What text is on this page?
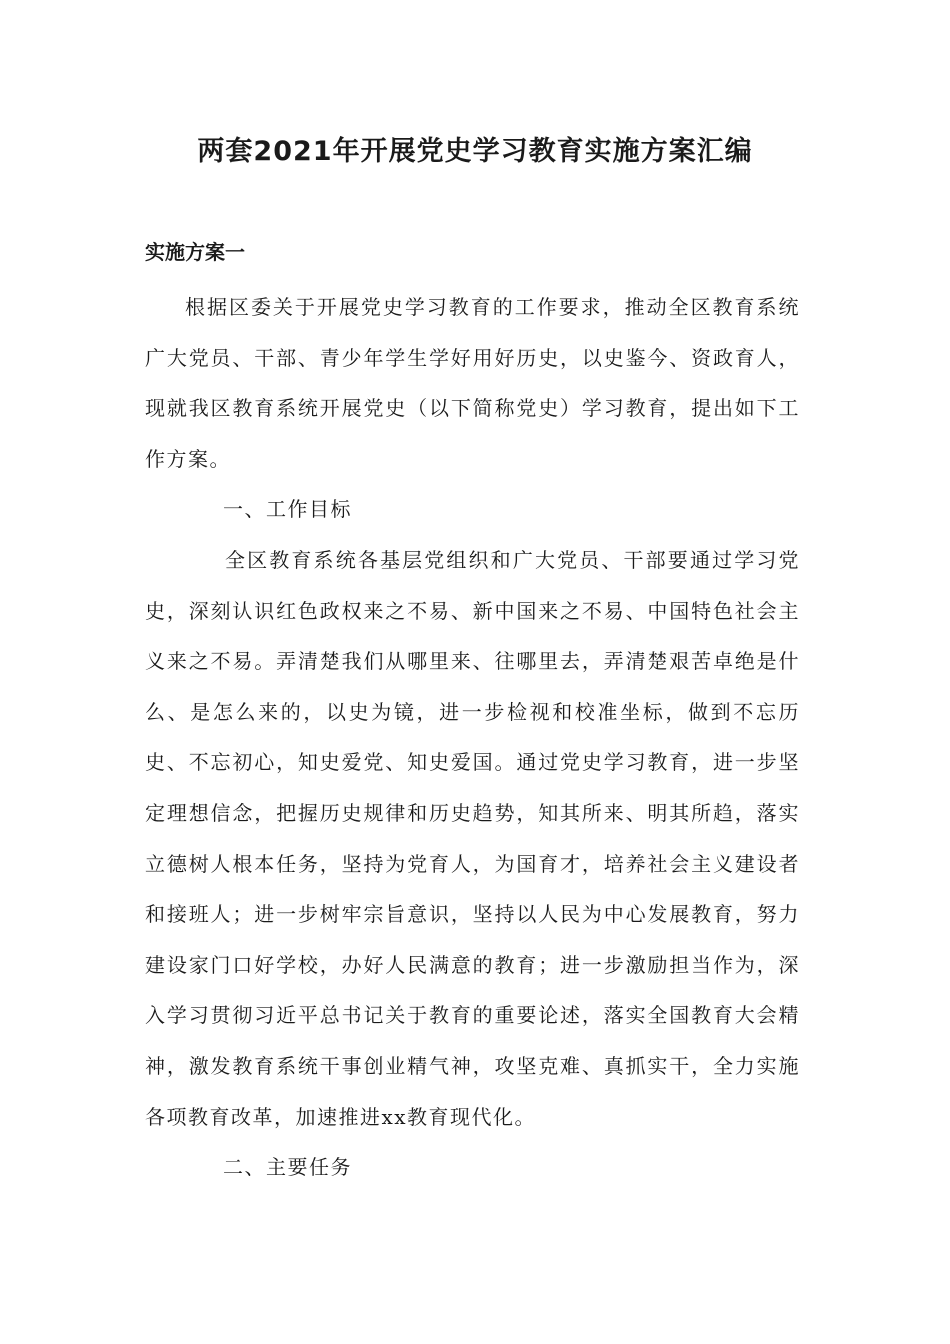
两套2021年开展党史学习教育实施方案汇编

实施方案一

根据区委关于开展党史学习教育的工作要求，推动全区教育系统广大党员、干部、青少年学生学好用好历史，以史鉴今、资政育人，现就我区教育系统开展党史（以下简称党史）学习教育，提出如下工作方案。

一、工作目标

全区教育系统各基层党组织和广大党员、干部要通过学习党史，深刻认识红色政权来之不易、新中国来之不易、中国特色社会主义来之不易。弄清楚我们从哪里来、往哪里去，弄清楚艰苦卓绝是什么、是怎么来的，以史为镜，进一步检视和校准坐标，做到不忘历史、不忘初心，知史爱党、知史爱国。通过党史学习教育，进一步坚定理想信念，把握历史规律和历史趋势，知其所来、明其所趋，落实立德树人根本任务，坚持为党育人，为国育才，培养社会主义建设者和接班人；进一步树牢宗旨意识，坚持以人民为中心发展教育，努力建设家门口好学校，办好人民满意的教育；进一步激励担当作为，深入学习贯彻习近平总书记关于教育的重要论述，落实全国教育大会精神，激发教育系统干事创业精气神，攻坚克难、真抓实干，全力实施各项教育改革，加速推进xx教育现代化。

二、主要任务
